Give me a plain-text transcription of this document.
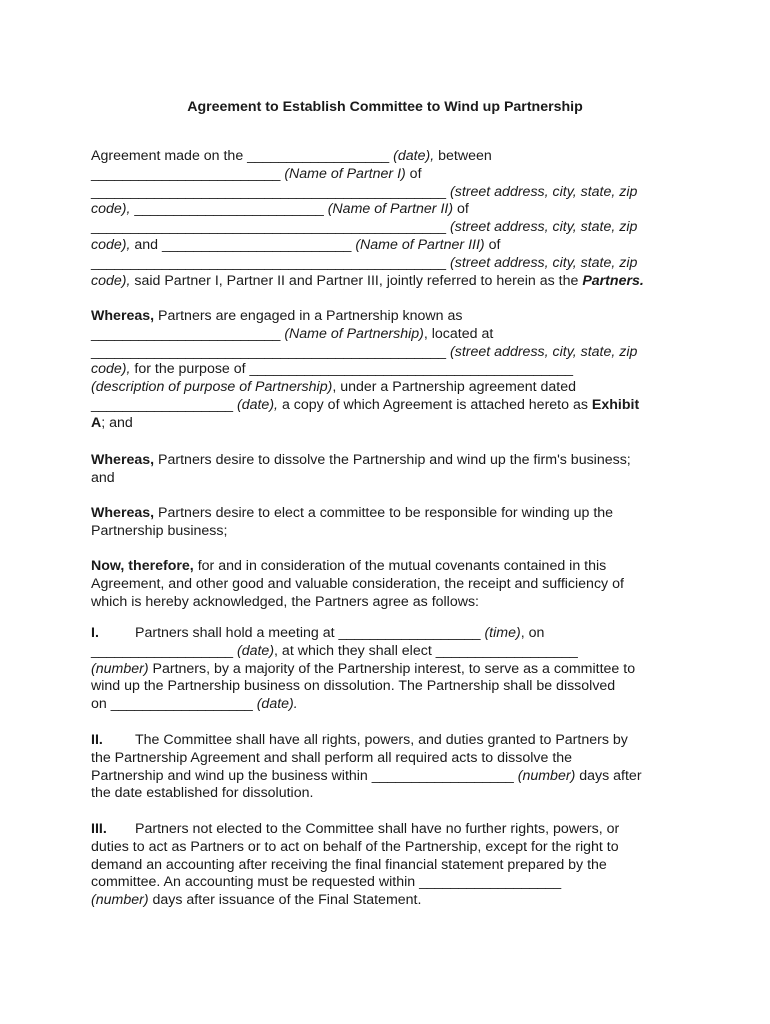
Agreement to Establish Committee to Wind up Partnership
Agreement made on the __________________ (date), between
________________________ (Name of Partner I) of
_____________________________________________ (street address, city, state, zip
code), ________________________ (Name of Partner II) of
_____________________________________________ (street address, city, state, zip
code), and ________________________ (Name of Partner III) of
_____________________________________________ (street address, city, state, zip
code), said Partner I, Partner II and Partner III, jointly referred to herein as the Partners.
Whereas, Partners are engaged in a Partnership known as
________________________ (Name of Partnership), located at
_____________________________________________ (street address, city, state, zip
code), for the purpose of _________________________________________
(description of purpose of Partnership), under a Partnership agreement dated
__________________ (date), a copy of which Agreement is attached hereto as Exhibit
A; and
Whereas, Partners desire to dissolve the Partnership and wind up the firm's business;
and
Whereas, Partners desire to elect a committee to be responsible for winding up the
Partnership business;
Now, therefore, for and in consideration of the mutual covenants contained in this
Agreement, and other good and valuable consideration, the receipt and sufficiency of
which is hereby acknowledged, the Partners agree as follows:
I.	Partners shall hold a meeting at __________________ (time), on
__________________ (date), at which they shall elect __________________
(number) Partners, by a majority of the Partnership interest, to serve as a committee to
wind up the Partnership business on dissolution. The Partnership shall be dissolved
on __________________ (date).
II. The Committee shall have all rights, powers, and duties granted to Partners by
the Partnership Agreement and shall perform all required acts to dissolve the
Partnership and wind up the business within __________________ (number) days after
the date established for dissolution.
III. Partners not elected to the Committee shall have no further rights, powers, or
duties to act as Partners or to act on behalf of the Partnership, except for the right to
demand an accounting after receiving the final financial statement prepared by the
committee. An accounting must be requested within __________________
(number) days after issuance of the Final Statement.
